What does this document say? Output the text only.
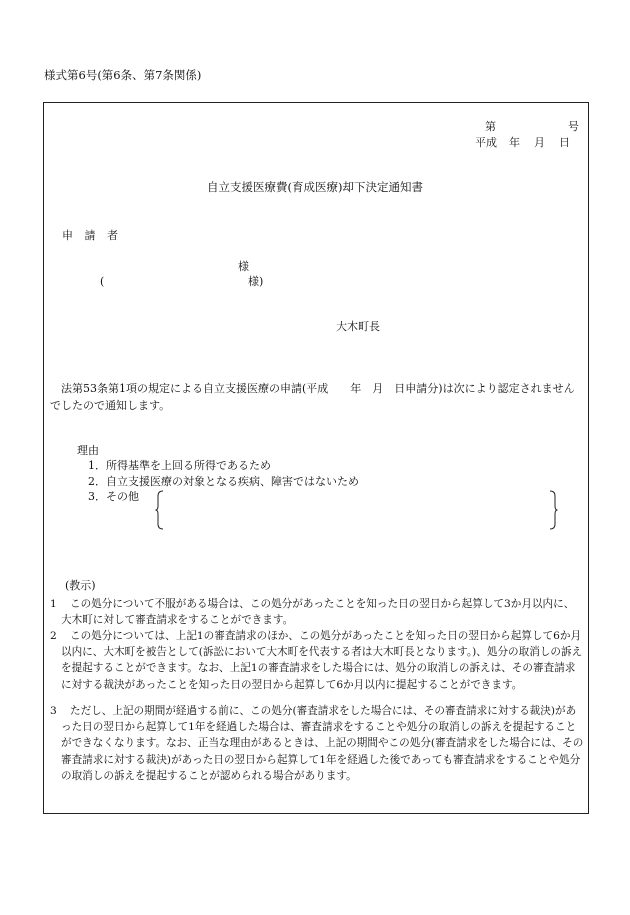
様式第6号(第6条、第7条関係)
第	号
平成 年 月 日
自立支援医療費(育成医療)却下決定通知書
申 請 者
様
(	様)
大木町長
法第53条第1項の規定による自立支援医療の申請(平成　　年　月　日申請分)は次により認定されませんでしたので通知します。
理由
1．所得基準を上回る所得であるため
2．自立支援医療の対象となる疾病、障害ではないため
3．その他
(教示)
1 この処分について不服がある場合は、この処分があったことを知った日の翌日から起算して3か月以内に、大木町に対して審査請求をすることができます。
2 この処分については、上記1の審査請求のほか、この処分があったことを知った日の翌日から起算して6か月以内に、大木町を被告として(訴訟において大木町を代表する者は大木町長となります。)、処分の取消しの訴えを提起することができます。なお、上記1の審査請求をした場合には、処分の取消しの訴えは、その審査請求に対する裁決があったことを知った日の翌日から起算して6か月以内に提起することができます。
3 ただし、上記の期間が経過する前に、この処分(審査請求をした場合には、その審査請求に対する裁決)があった日の翌日から起算して1年を経過した場合は、審査請求をすることや処分の取消しの訴えを提起することができなくなります。なお、正当な理由があるときは、上記の期間やこの処分(審査請求をした場合には、その審査請求に対する裁決)があった日の翌日から起算して1年を経過した後であっても審査請求をすることや処分の取消しの訴えを提起することが認められる場合があります。
